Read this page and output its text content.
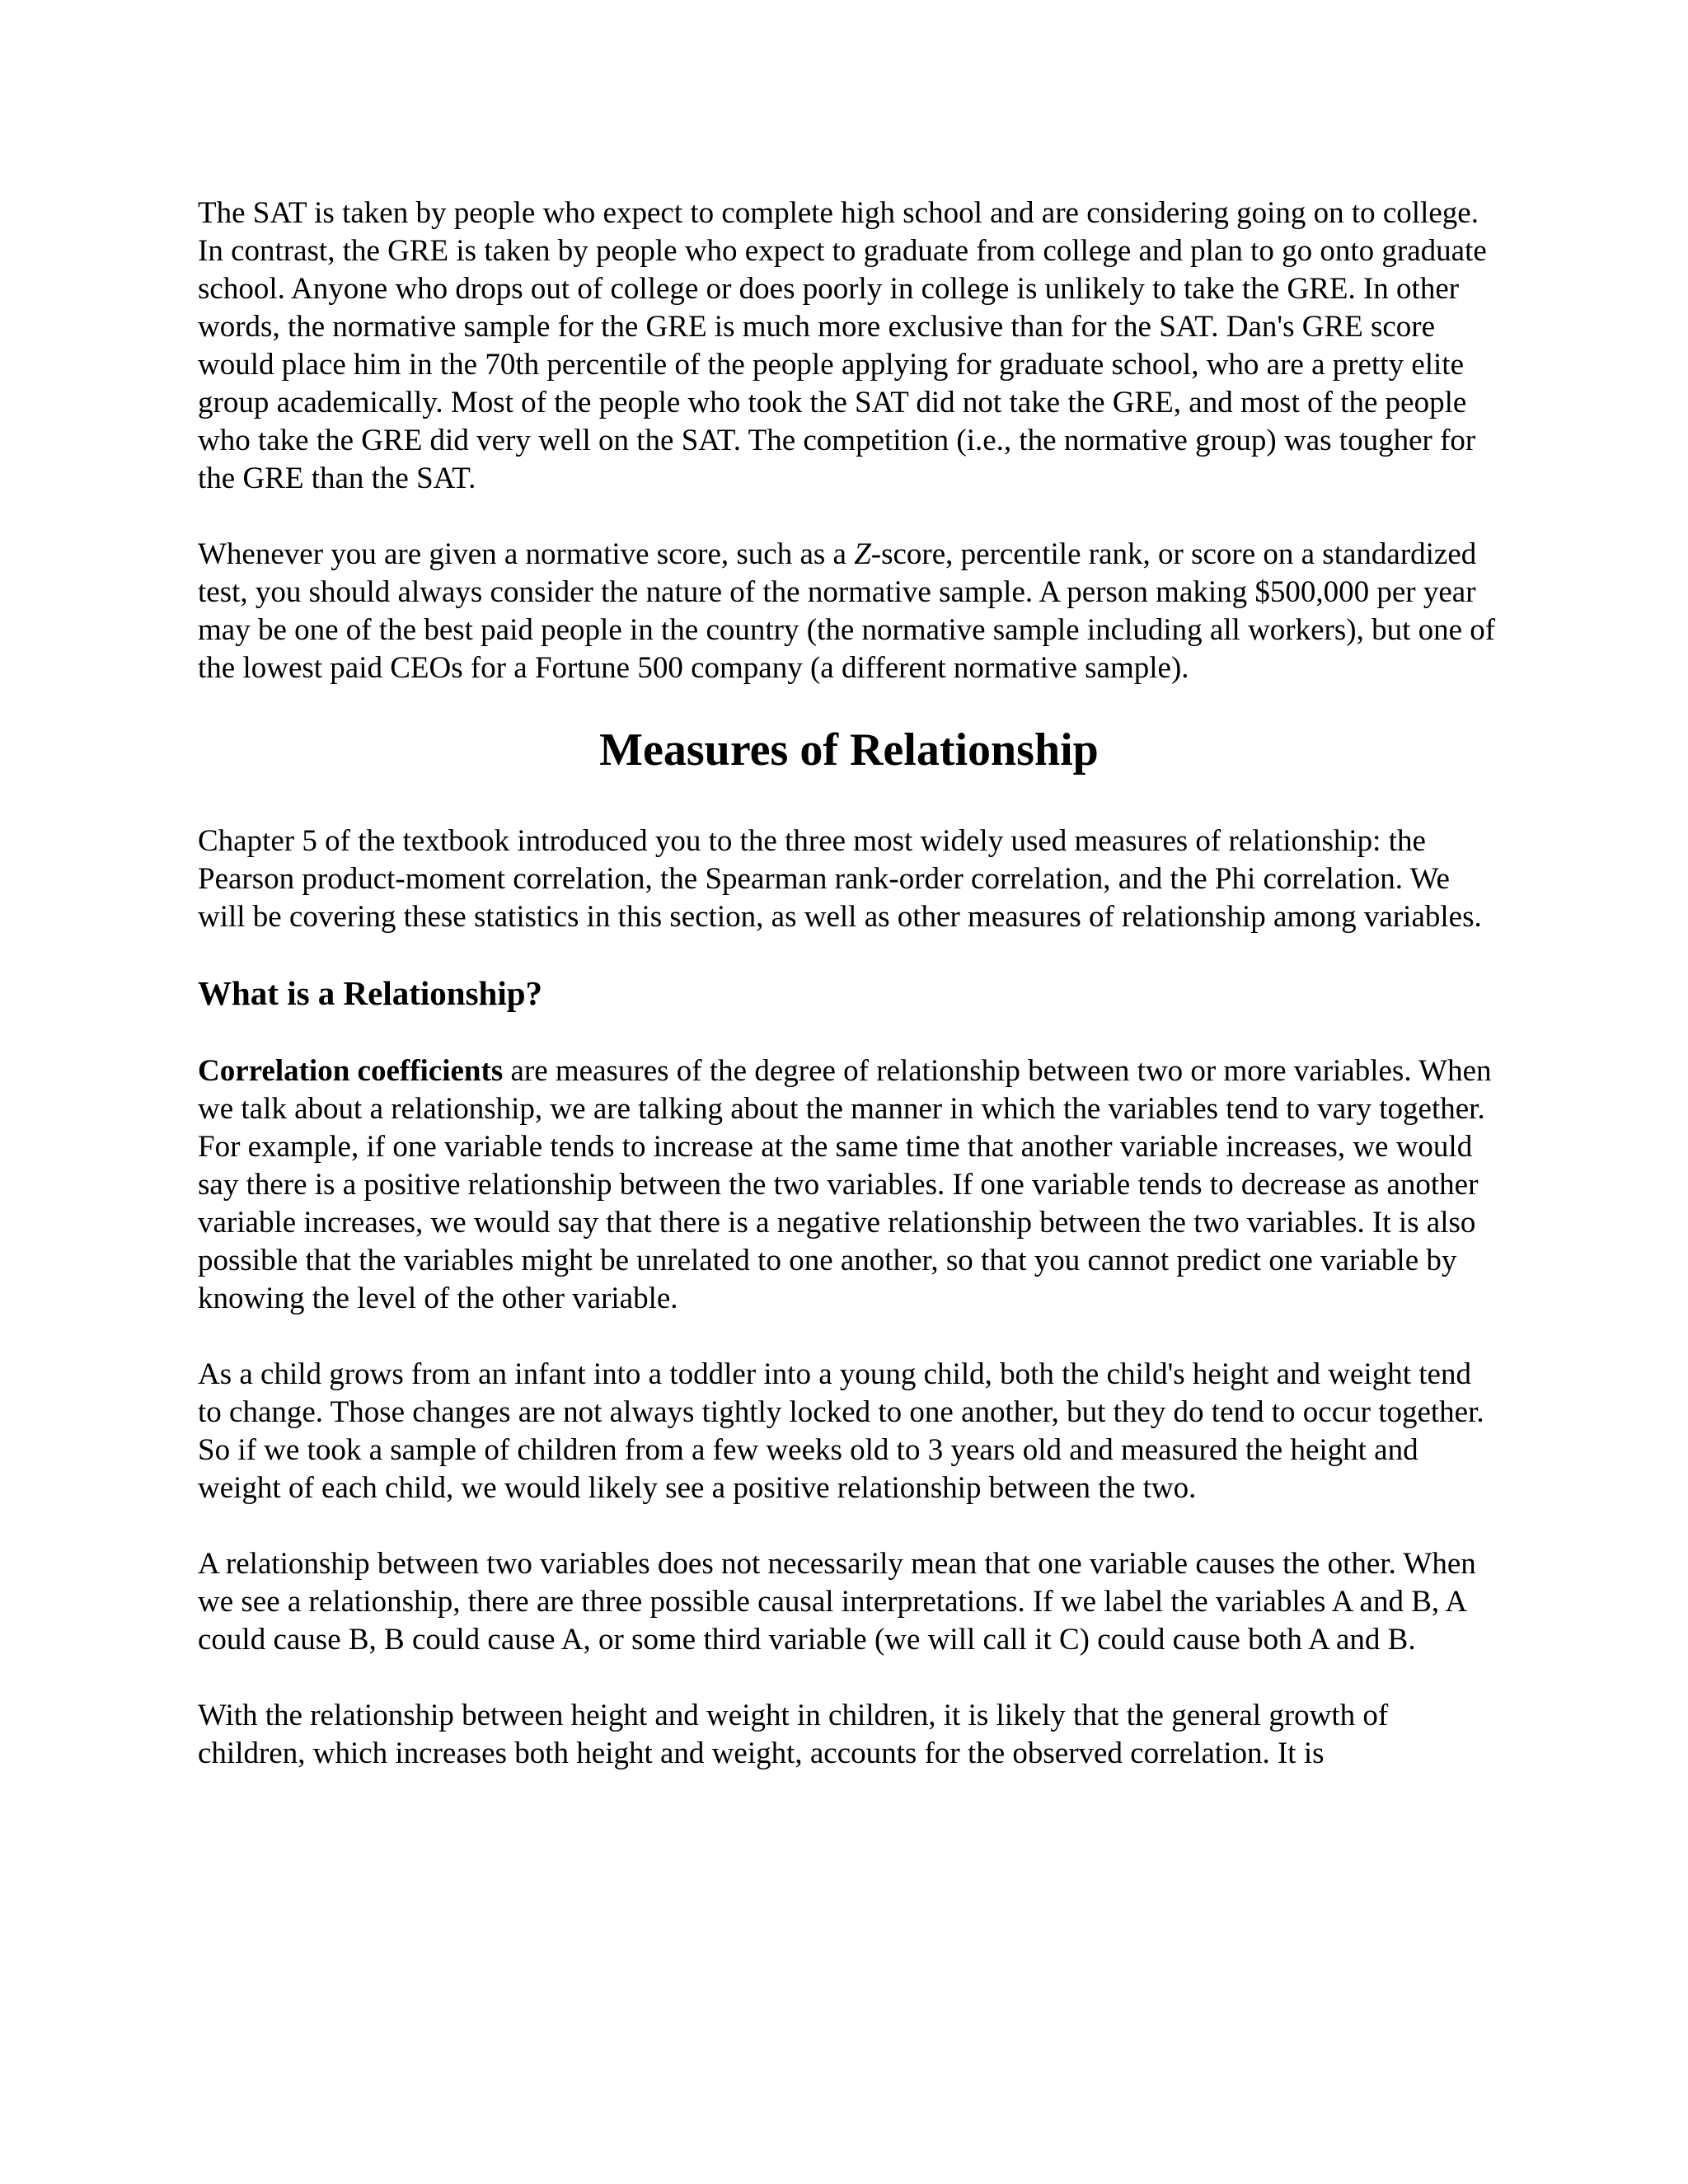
The SAT is taken by people who expect to complete high school and are considering going on to college. In contrast, the GRE is taken by people who expect to graduate from college and plan to go onto graduate school. Anyone who drops out of college or does poorly in college is unlikely to take the GRE. In other words, the normative sample for the GRE is much more exclusive than for the SAT. Dan's GRE score would place him in the 70th percentile of the people applying for graduate school, who are a pretty elite group academically. Most of the people who took the SAT did not take the GRE, and most of the people who take the GRE did very well on the SAT. The competition (i.e., the normative group) was tougher for the GRE than the SAT.

Whenever you are given a normative score, such as a Z-score, percentile rank, or score on a standardized test, you should always consider the nature of the normative sample. A person making $500,000 per year may be one of the best paid people in the country (the normative sample including all workers), but one of the lowest paid CEOs for a Fortune 500 company (a different normative sample).

Measures of Relationship

Chapter 5 of the textbook introduced you to the three most widely used measures of relationship: the Pearson product-moment correlation, the Spearman rank-order correlation, and the Phi correlation. We will be covering these statistics in this section, as well as other measures of relationship among variables.

What is a Relationship?

Correlation coefficients are measures of the degree of relationship between two or more variables. When we talk about a relationship, we are talking about the manner in which the variables tend to vary together. For example, if one variable tends to increase at the same time that another variable increases, we would say there is a positive relationship between the two variables. If one variable tends to decrease as another variable increases, we would say that there is a negative relationship between the two variables. It is also possible that the variables might be unrelated to one another, so that you cannot predict one variable by knowing the level of the other variable.

As a child grows from an infant into a toddler into a young child, both the child's height and weight tend to change. Those changes are not always tightly locked to one another, but they do tend to occur together. So if we took a sample of children from a few weeks old to 3 years old and measured the height and weight of each child, we would likely see a positive relationship between the two.

A relationship between two variables does not necessarily mean that one variable causes the other. When we see a relationship, there are three possible causal interpretations. If we label the variables A and B, A could cause B, B could cause A, or some third variable (we will call it C) could cause both A and B.

With the relationship between height and weight in children, it is likely that the general growth of children, which increases both height and weight, accounts for the observed correlation. It is
